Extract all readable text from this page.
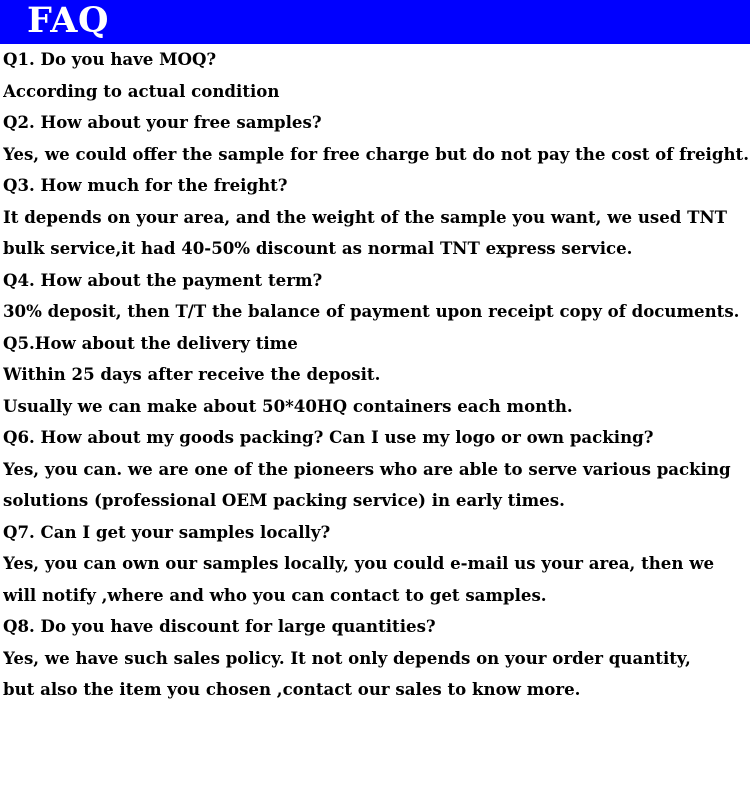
FAQ
Q1. Do you have MOQ?
According to actual condition
Q2. How about your free samples?
Yes, we could offer the sample for free charge but do not pay the cost of freight.
Q3. How much for the freight?
It depends on your area, and the weight of the sample you want, we used TNT
bulk service,it had 40-50% discount as normal TNT express service.
Q4. How about the payment term?
30% deposit, then T/T the balance of payment upon receipt copy of documents.
Q5.How about the delivery time
Within 25 days after receive the deposit.
Usually we can make about 50*40HQ containers each month.
Q6. How about my goods packing? Can I use my logo or own packing?
Yes, you can. we are one of the pioneers who are able to serve various packing
solutions (professional OEM packing service) in early times.
Q7. Can I get your samples locally?
Yes, you can own our samples locally, you could e-mail us your area, then we
will notify ,where and who you can contact to get samples.
Q8. Do you have discount for large quantities?
Yes, we have such sales policy. It not only depends on your order quantity,
but also the item you chosen ,contact our sales to know more.
